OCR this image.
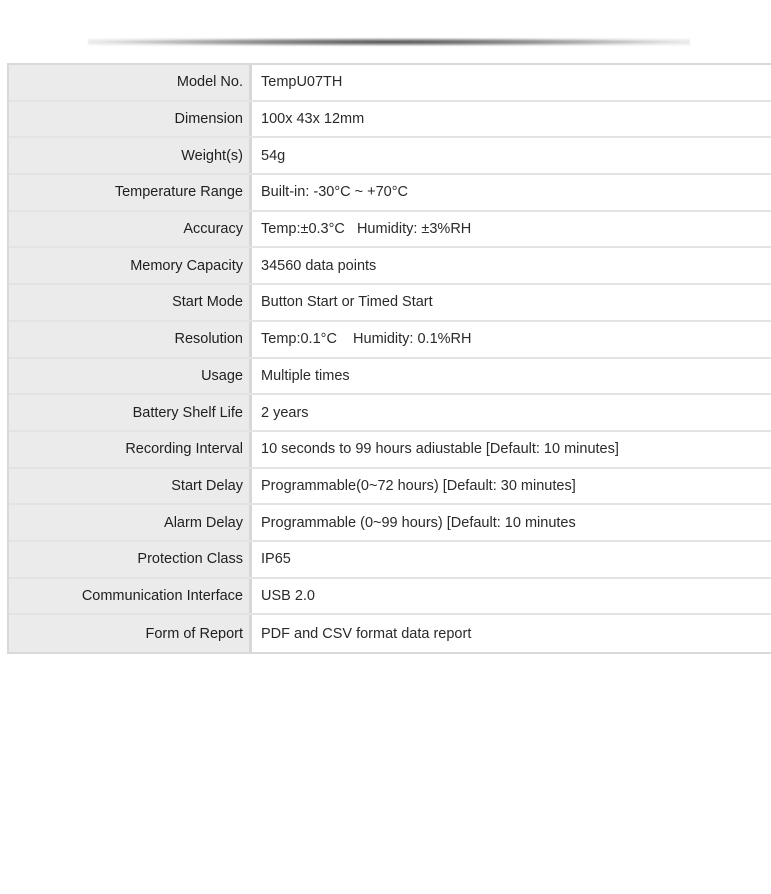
Model No.	TempU07TH
Dimension	100x 43x 12mm
Weight(s)	54g
Temperature Range	Built-in: -30°C ~ +70°C
Accuracy	Temp:±0.3°C   Humidity: ±3%RH
Memory Capacity	34560 data points
Start Mode	Button Start or Timed Start
Resolution	Temp:0.1°C    Humidity: 0.1%RH
Usage	Multiple times
Battery Shelf Life	2 years
Recording Interval	10 seconds to 99 hours adiustable [Default: 10 minutes]
Start Delay	Programmable(0~72 hours) [Default: 30 minutes]
Alarm Delay	Programmable (0~99 hours) [Default: 10 minutes
Protection Class	IP65
Communication Interface	USB 2.0
Form of Report	PDF and CSV format data report
